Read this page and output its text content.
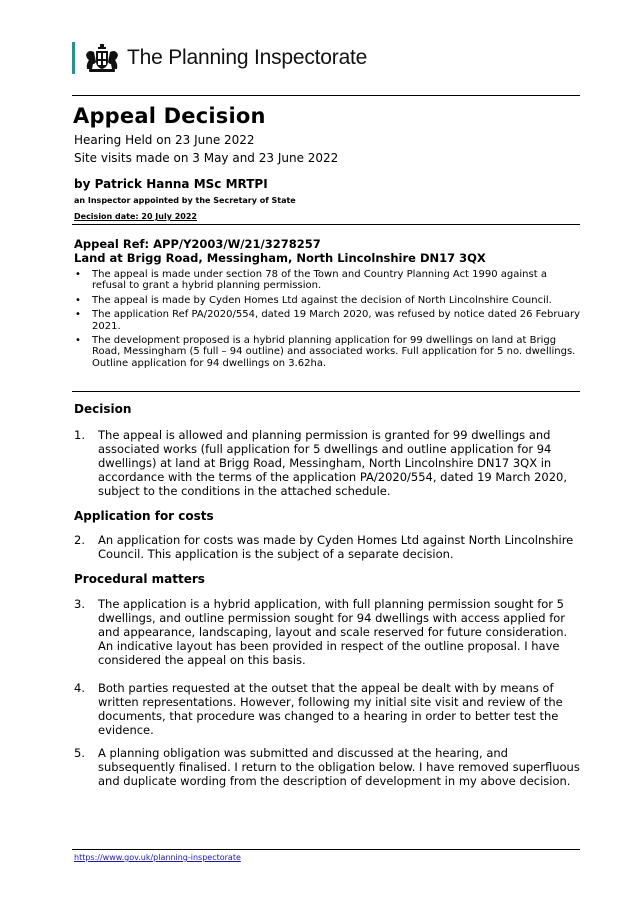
The Planning Inspectorate
Appeal Decision
Hearing Held on 23 June 2022
Site visits made on 3 May and 23 June 2022
by Patrick Hanna MSc MRTPI
an Inspector appointed by the Secretary of State
Decision date: 20 July 2022
Appeal Ref: APP/Y2003/W/21/3278257
Land at Brigg Road, Messingham, North Lincolnshire DN17 3QX
• The appeal is made under section 78 of the Town and Country Planning Act 1990 against a refusal to grant a hybrid planning permission.
• The appeal is made by Cyden Homes Ltd against the decision of North Lincolnshire Council.
• The application Ref PA/2020/554, dated 19 March 2020, was refused by notice dated 26 February 2021.
• The development proposed is a hybrid planning application for 99 dwellings on land at Brigg Road, Messingham (5 full – 94 outline) and associated works. Full application for 5 no. dwellings. Outline application for 94 dwellings on 3.62ha.
Decision
1.	The appeal is allowed and planning permission is granted for 99 dwellings and associated works (full application for 5 dwellings and outline application for 94 dwellings) at land at Brigg Road, Messingham, North Lincolnshire DN17 3QX in accordance with the terms of the application PA/2020/554, dated 19 March 2020, subject to the conditions in the attached schedule.
Application for costs
2.	An application for costs was made by Cyden Homes Ltd against North Lincolnshire Council. This application is the subject of a separate decision.
Procedural matters
3.	The application is a hybrid application, with full planning permission sought for 5 dwellings, and outline permission sought for 94 dwellings with access applied for and appearance, landscaping, layout and scale reserved for future consideration. An indicative layout has been provided in respect of the outline proposal. I have considered the appeal on this basis.
4.	Both parties requested at the outset that the appeal be dealt with by means of written representations. However, following my initial site visit and review of the documents, that procedure was changed to a hearing in order to better test the evidence.
5.	A planning obligation was submitted and discussed at the hearing, and subsequently finalised. I return to the obligation below. I have removed superfluous and duplicate wording from the description of development in my above decision.
https://www.gov.uk/planning-inspectorate
